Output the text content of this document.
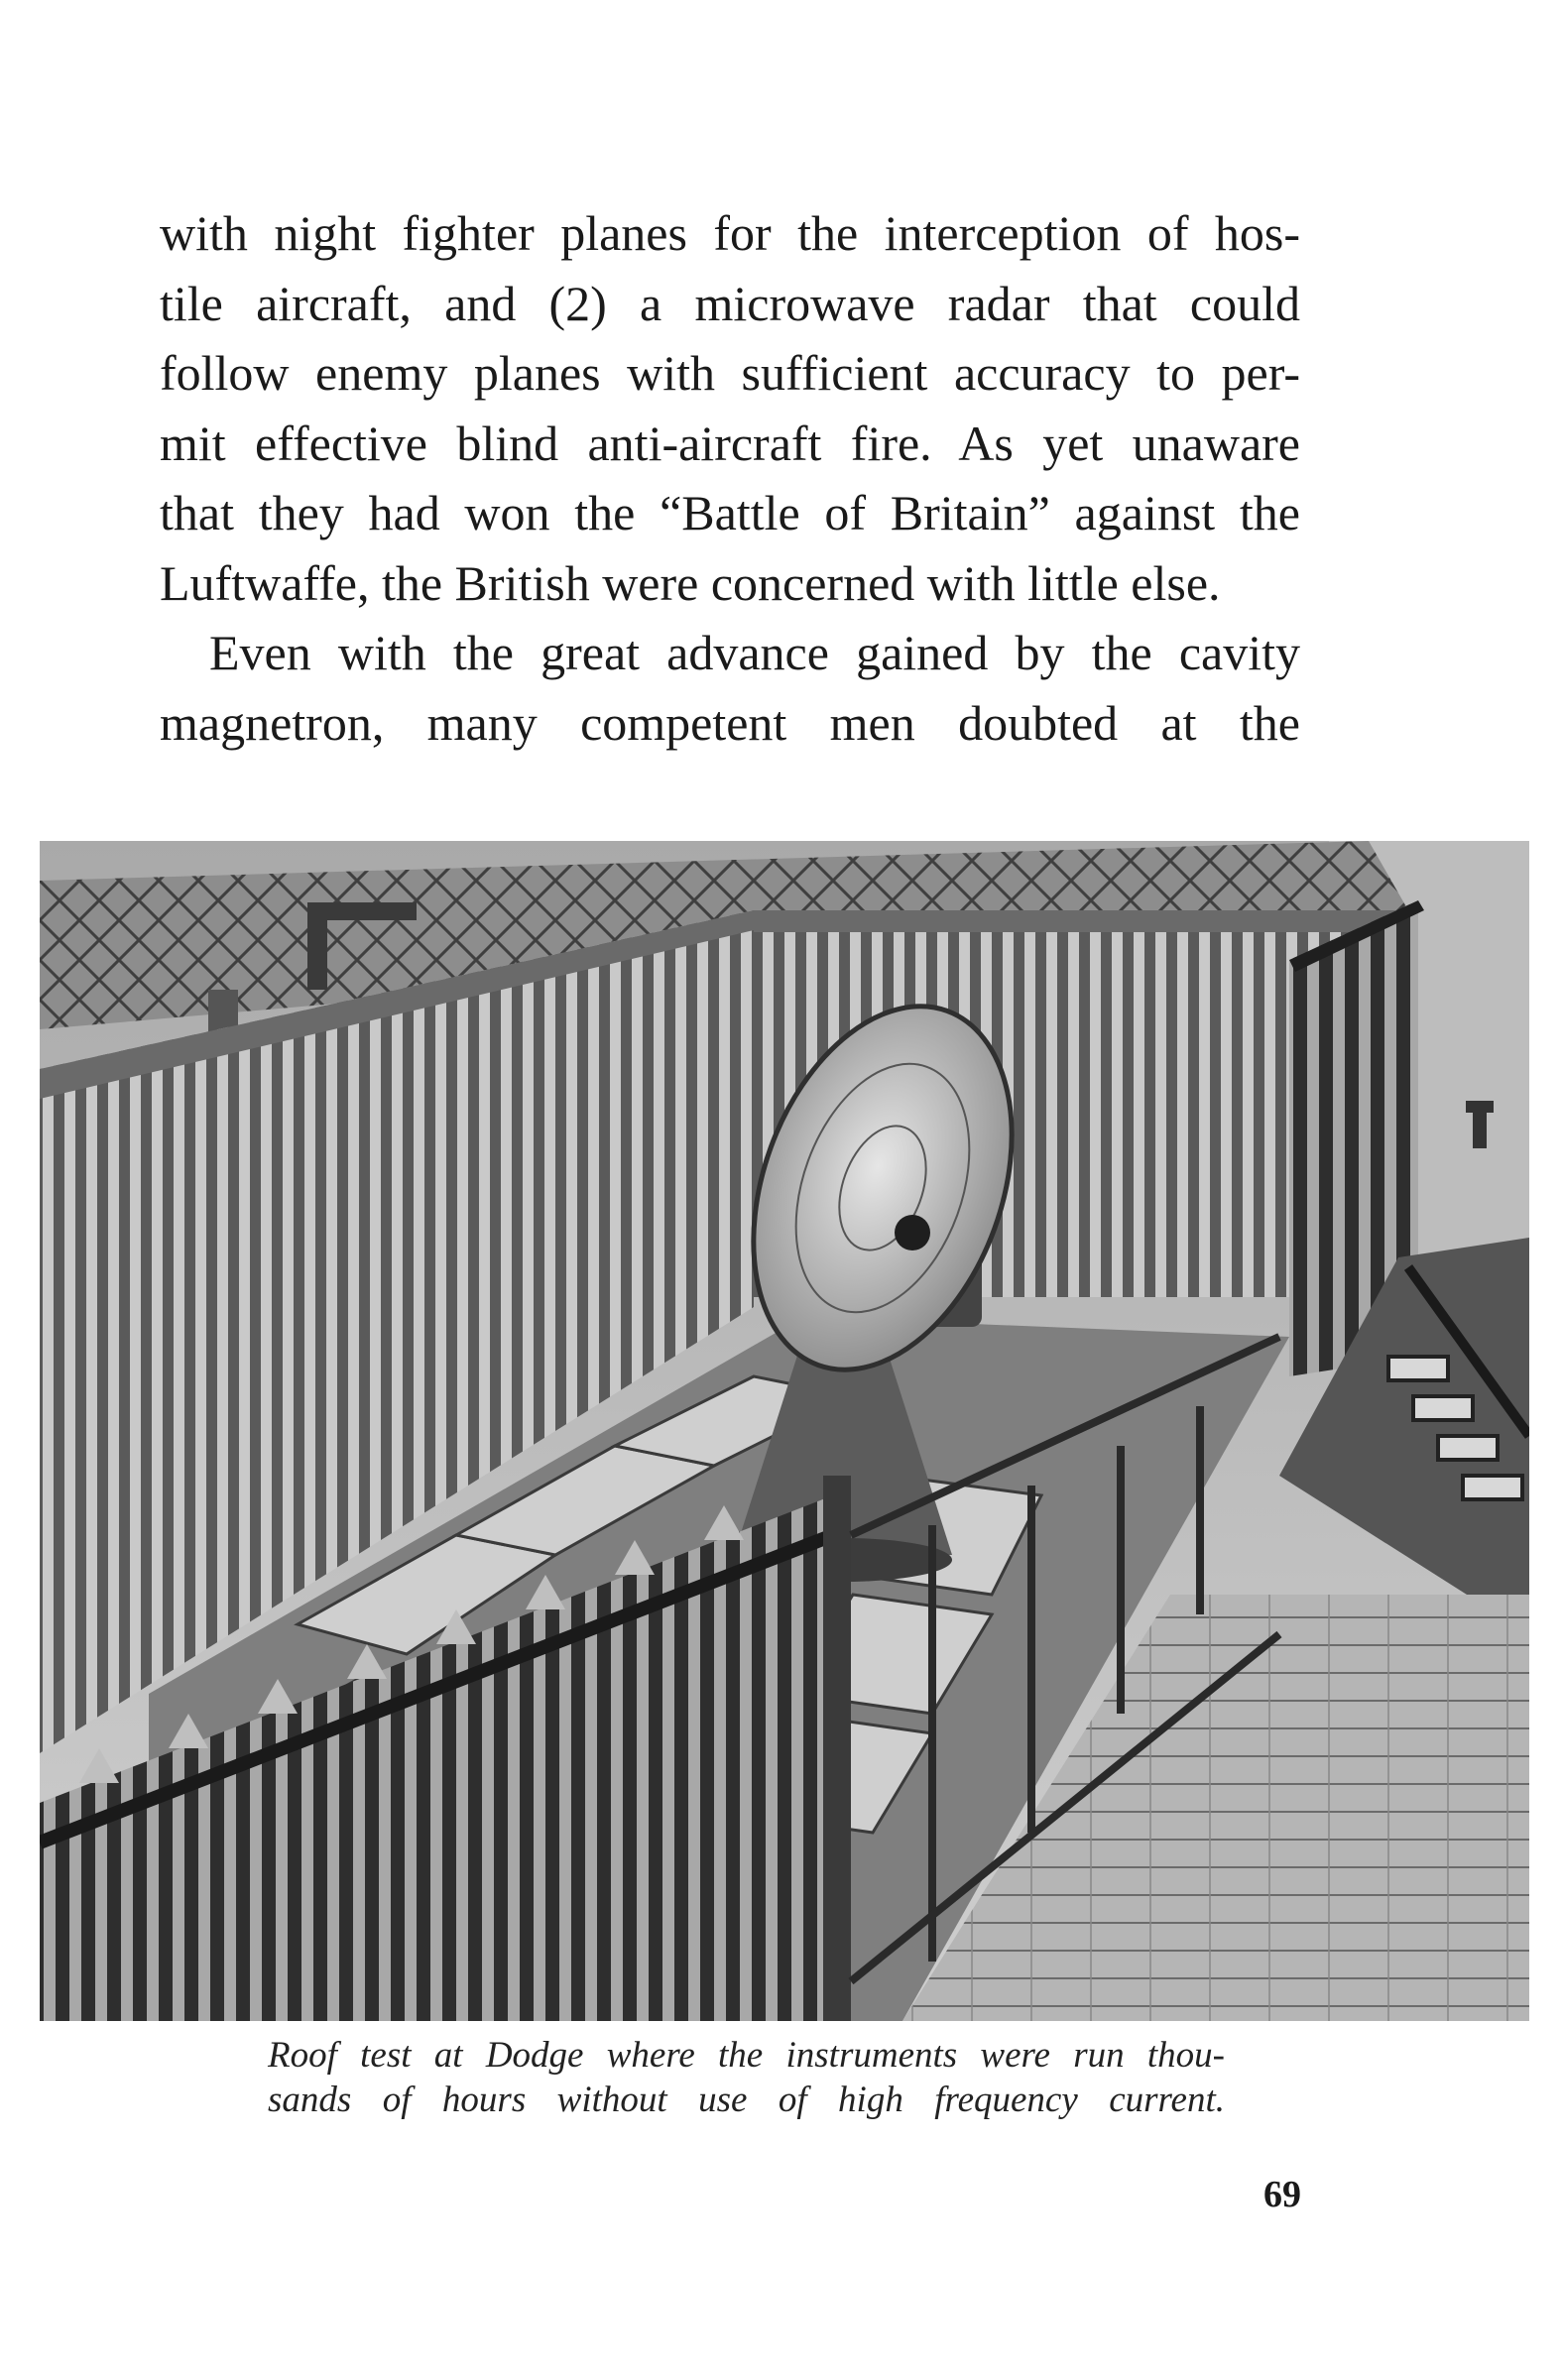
with night fighter planes for the interception of hos-

tile aircraft, and (2) a microwave radar that could

follow enemy planes with sufficient accuracy to per-

mit effective blind anti-aircraft fire. As yet unaware

that they had won the “Battle of Britain” against the

Luftwaffe, the British were concerned with little else.

Even with the great advance gained by the cavity

magnetron, many competent men doubted at the

Roof test at Dodge where the instruments were run thou-
sands of hours without use of high frequency current.
69
